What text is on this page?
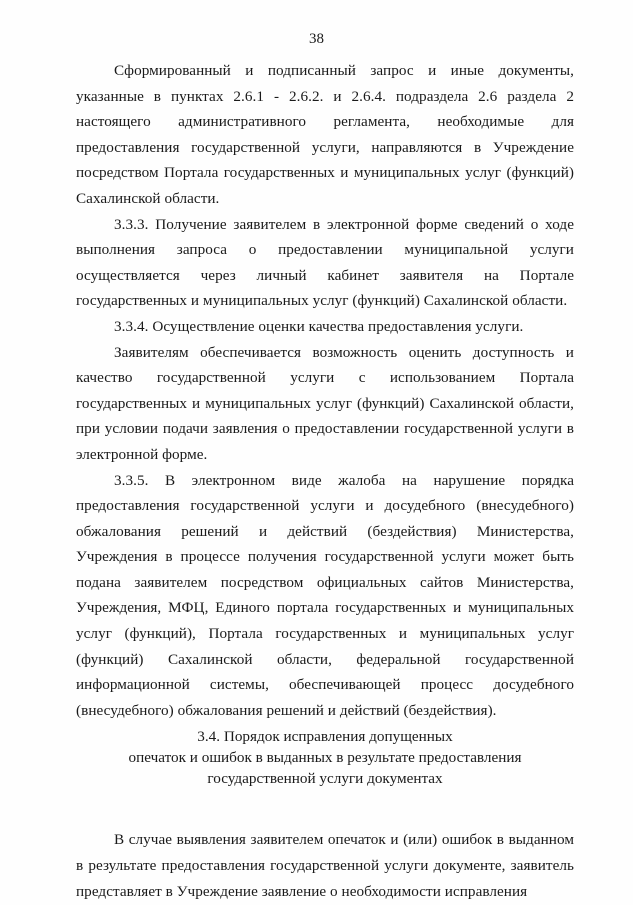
38

Сформированный и подписанный запрос и иные документы, указанные в пунктах 2.6.1 - 2.6.2. и 2.6.4. подраздела 2.6 раздела 2 настоящего административного регламента, необходимые для предоставления государственной услуги, направляются в Учреждение посредством Портала государственных и муниципальных услуг (функций) Сахалинской области.

3.3.3. Получение заявителем в электронной форме сведений о ходе выполнения запроса о предоставлении муниципальной услуги осуществляется через личный кабинет заявителя на Портале государственных и муниципальных услуг (функций) Сахалинской области.

3.3.4. Осуществление оценки качества предоставления услуги.

Заявителям обеспечивается возможность оценить доступность и качество государственной услуги с использованием Портала государственных и муниципальных услуг (функций) Сахалинской области, при условии подачи заявления о предоставлении государственной услуги в электронной форме.

3.3.5. В электронном виде жалоба на нарушение порядка предоставления государственной услуги и досудебного (внесудебного) обжалования решений и действий (бездействия) Министерства, Учреждения в процессе получения государственной услуги может быть подана заявителем посредством официальных сайтов Министерства, Учреждения, МФЦ, Единого портала государственных и муниципальных услуг (функций), Портала государственных и муниципальных услуг (функций) Сахалинской области, федеральной государственной информационной системы, обеспечивающей процесс досудебного (внесудебного) обжалования решений и действий (бездействия).

3.4. Порядок исправления допущенных
опечаток и ошибок в выданных в результате предоставления
государственной услуги документах

В случае выявления заявителем опечаток и (или) ошибок в выданном в результате предоставления государственной услуги документе, заявитель представляет в Учреждение заявление о необходимости исправления
